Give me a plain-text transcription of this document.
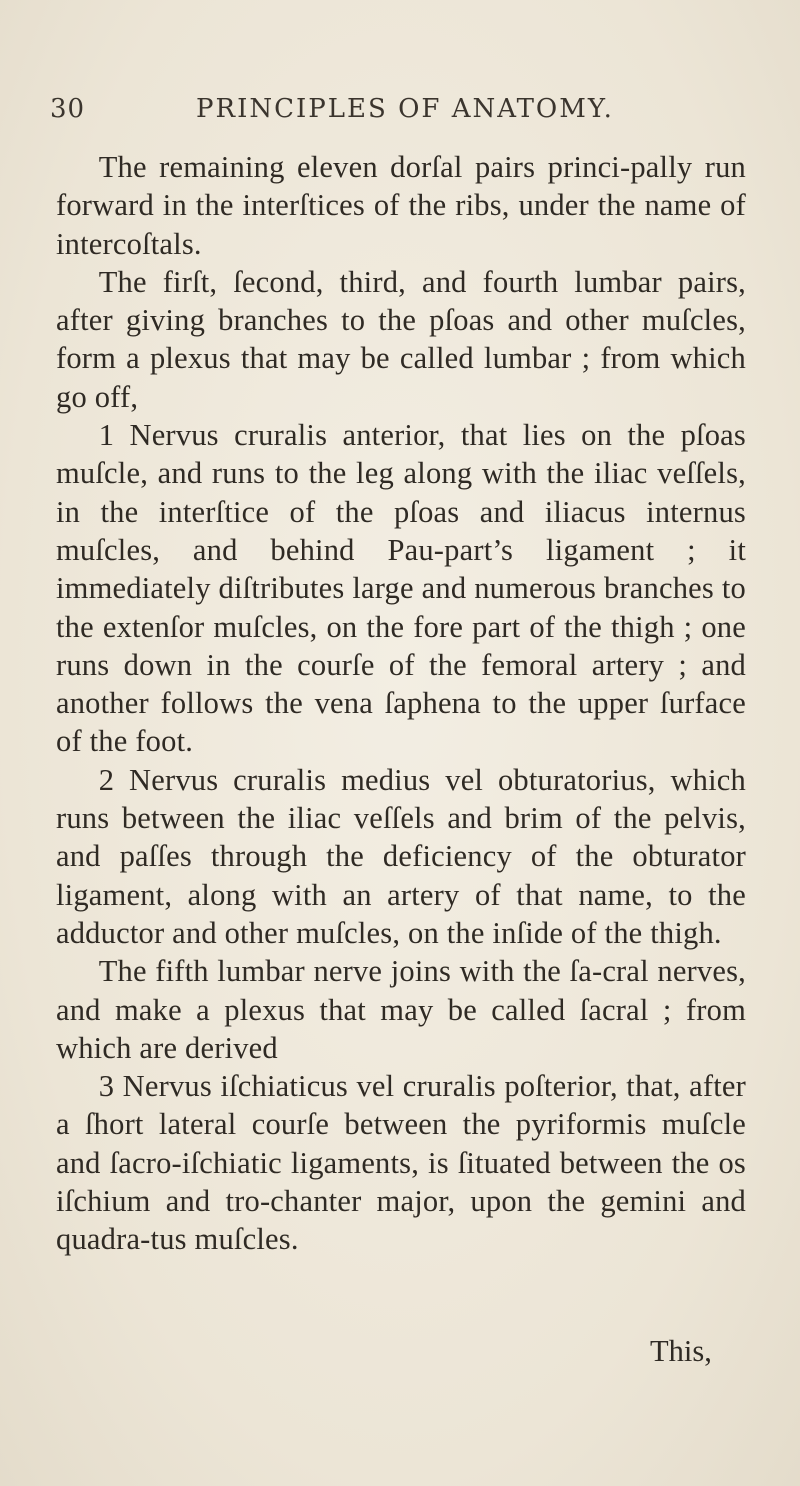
30	PRINCIPLES OF ANATOMY.

The remaining eleven dorſal pairs princi-pally run forward in the interſtices of the ribs, under the name of intercoſtals.

The firſt, ſecond, third, and fourth lumbar pairs, after giving branches to the pſoas and other muſcles, form a plexus that may be called lumbar ; from which go off,

1 Nervus cruralis anterior, that lies on the pſoas muſcle, and runs to the leg along with the iliac veſſels, in the interſtice of the pſoas and iliacus internus muſcles, and behind Pau-part’s ligament ; it immediately diſtributes large and numerous branches to the extenſor muſcles, on the fore part of the thigh ; one runs down in the courſe of the femoral artery ; and another follows the vena ſaphena to the upper ſurface of the foot.

2 Nervus cruralis medius vel obturatorius, which runs between the iliac veſſels and brim of the pelvis, and paſſes through the deficiency of the obturator ligament, along with an artery of that name, to the adductor and other muſcles, on the inſide of the thigh.

The fifth lumbar nerve joins with the ſa-cral nerves, and make a plexus that may be called ſacral ; from which are derived

3 Nervus iſchiaticus vel cruralis poſterior, that, after a ſhort lateral courſe between the pyriformis muſcle and ſacro-iſchiatic ligaments, is ſituated between the os iſchium and tro-chanter major, upon the gemini and quadra-tus muſcles.

This,
